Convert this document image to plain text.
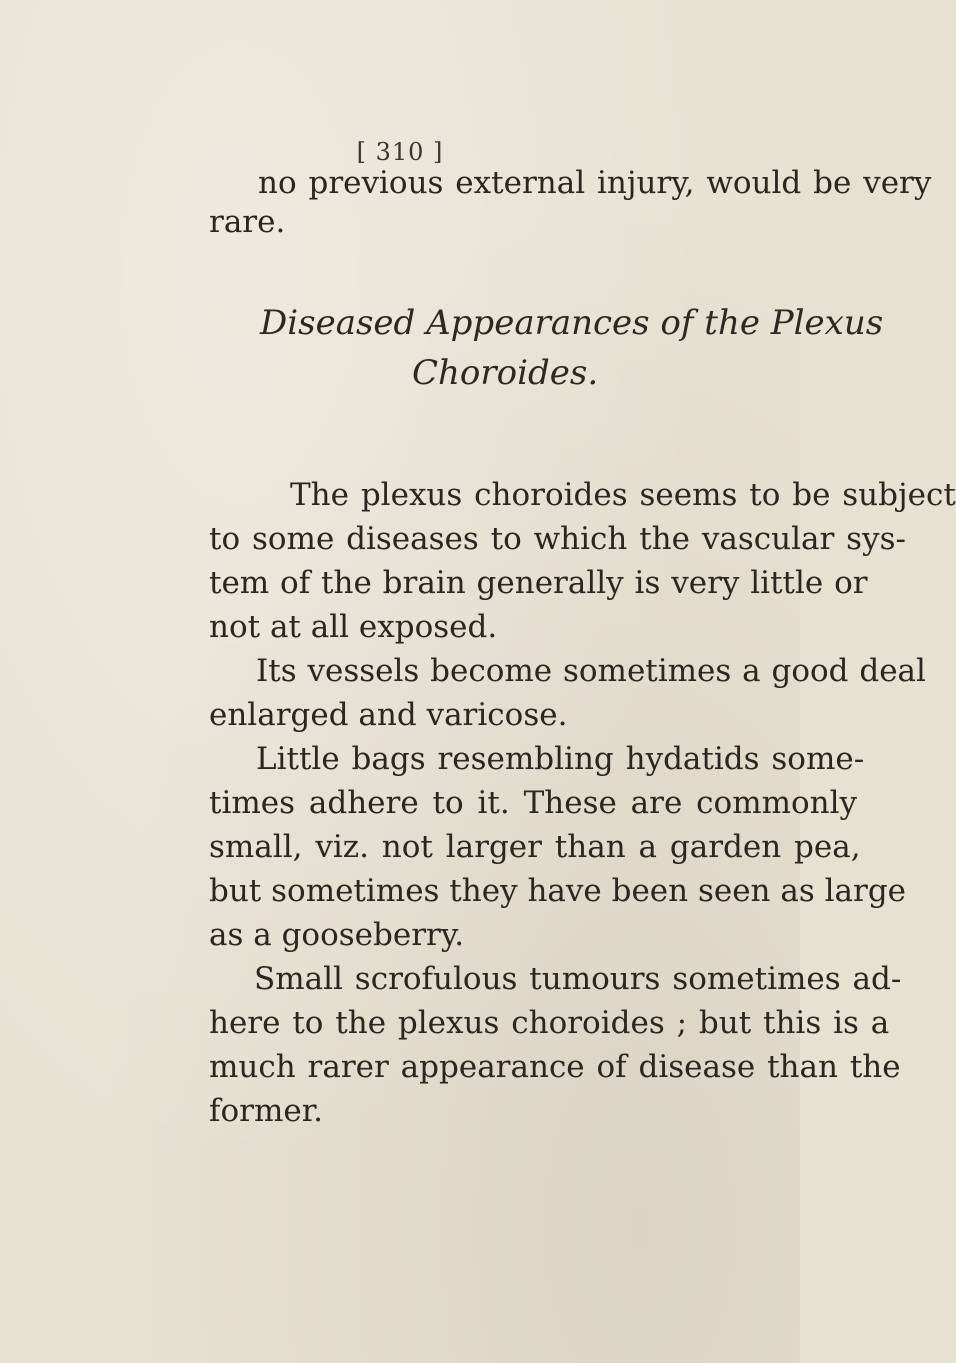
[ 310 ]
no previous external injury, would be very
rare.
Diseased Appearances of the Plexus
Choroides.
The plexus choroides seems to be subject
to some diseases to which the vascular sys-
tem of the brain generally is very little or
not at all exposed.
Its vessels become sometimes a good deal
enlarged and varicose.
Little bags resembling hydatids some-
times adhere to it. These are commonly
small, viz. not larger than a garden pea,
but sometimes they have been seen as large
as a gooseberry.
Small scrofulous tumours sometimes ad-
here to the plexus choroides ; but this is a
much rarer appearance of disease than the
former.
